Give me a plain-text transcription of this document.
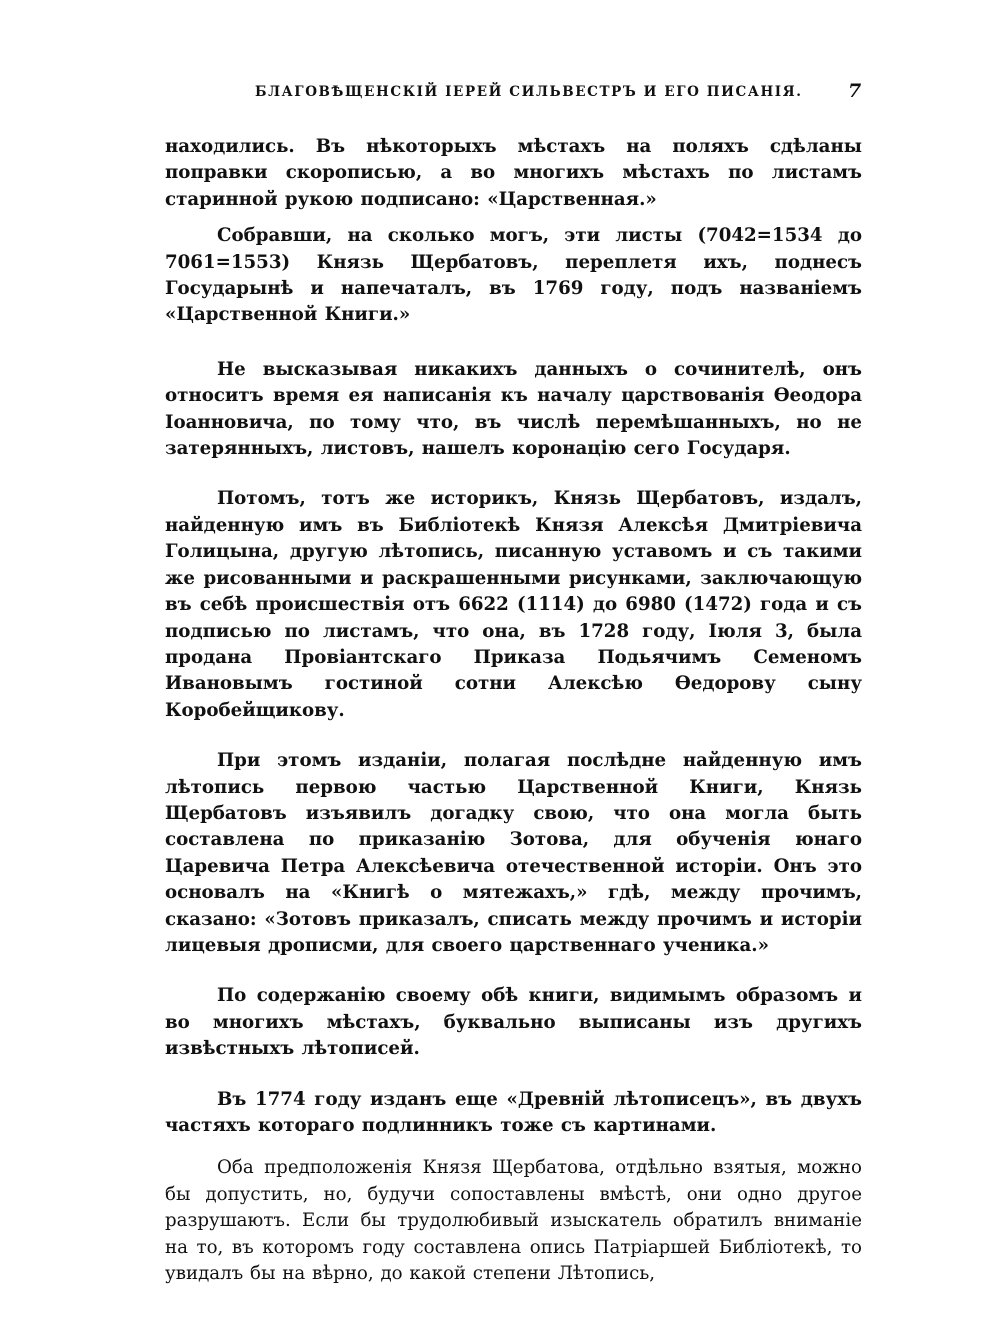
БЛАГОВѢЩЕНСКІЙ ІЕРЕЙ СИЛЬВЕСТРЪ И ЕГО ПИСАНІЯ. 7

находились. Въ нѣкоторыхъ мѣстахъ на поляхъ сдѣланы поправки скорописью, а во многихъ мѣстахъ по листамъ старинной рукою подписано: «Царственная.»

Собравши, на сколько могъ, эти листы (7042=1534 до 7061=1553) Князь Щербатовъ, переплетя ихъ, поднесъ Государынѣ и напечаталъ, въ 1769 году, подъ названіемъ «Царственной Книги.»

Не высказывая никакихъ данныхъ о сочинителѣ, онъ относитъ время ея написанія къ началу царствованія Ѳеодора Іоанновича, по тому что, въ числѣ перемѣшанныхъ, но не затерянныхъ, листовъ, нашелъ коронацію сего Государя.

Потомъ, тотъ же историкъ, Князь Щербатовъ, издалъ, найденную имъ въ Библіотекѣ Князя Алексѣя Дмитріевича Голицына, другую лѣтопись, писанную уставомъ и съ такими же рисованными и раскрашенными рисунками, заключающую въ себѣ происшествія отъ 6622 (1114) до 6980 (1472) года и съ подписью по листамъ, что она, въ 1728 году, Іюля 3, была продана Провіантскаго Приказа Подьячимъ Семеномъ Ивановымъ гостиной сотни Алексѣю Ѳедорову сыну Коробейщикову.

При этомъ изданіи, полагая послѣдне найденную имъ лѣтопись первою частью Царственной Книги, Князь Щербатовъ изъявилъ догадку свою, что она могла быть составлена по приказанію Зотова, для обученія юнаго Царевича Петра Алексѣевича отечественной исторіи. Онъ это основалъ на «Книгѣ о мятежахъ,» гдѣ, между прочимъ, сказано: «Зотовъ приказалъ, списать между прочимъ и исторіи лицевыя дрописми, для своего царственнаго ученика.»

По содержанію своему обѣ книги, видимымъ образомъ и во многихъ мѣстахъ, буквально выписаны изъ другихъ извѣстныхъ лѣтописей.

Въ 1774 году изданъ еще «Древній лѣтописецъ», въ двухъ частяхъ котораго подлинникъ тоже съ картинами.

Оба предположенія Князя Щербатова, отдѣльно взятыя, можно бы допустить, но, будучи сопоставлены вмѣстѣ, они одно другое разрушаютъ. Если бы трудолюбивый изыскатель обратилъ вниманіе на то, въ которомъ году составлена опись Патріаршей Библіотекѣ, то увидалъ бы на вѣрно, до какой степени Лѣтопись,
